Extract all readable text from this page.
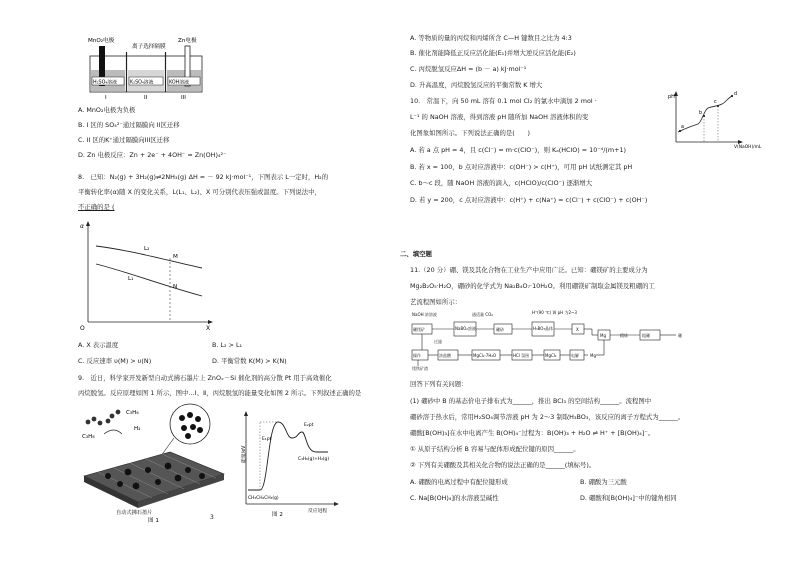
MnO₂电极
离子选择隔膜
Zn电极
H₂SO₄溶液	K₂SO₄溶液	KOH溶液
I	II	III
A. MnO₂电极为负极
B. I 区的 SO₄²⁻通过隔膜向 II区迁移
C. II 区的K⁺通过隔膜向III区迁移
D. Zn 电极反应：Zn + 2e⁻ + 4OH⁻ = Zn(OH)₄²⁻
8.　已知：N₂(g) + 3H₂(g)⇌2NH₃(g) ΔH = － 92 kJ·mol⁻¹，下图表示 L一定时，H₂的
平衡转化率(α)随 X 的变化关系，L(L₁、L₂)、X 可分别代表压强或温度。下列说法中，
不正确的是 (
α
X
O
L₂
L₁
M
N
A. X 表示温度	B. L₂ > L₁
C. 反应速率 υ(M) > υ(N)	D. 平衡常数 K(M) > K(N)
9.　近日，科学家开发新型自动式拂石墨片上 ZnOₓ－Si 催化剂的高分散 Pt 用于高效催化
丙烷脱氢。反应原理如图 1 所示，图中…Ⅰ、Ⅱ，丙烷脱氢的能量变化如图 2 所示。下列叙述正确的是
C₃H₈
C₃H₆
H₂
自动式拂石墨片
图 1
能量/eV
E₁pt
E₂pt
CH₃CH₂CH₃(g)
C₃H₆(g)+H₂(g)
反应进程
图 2
3
A. 等物质的量的丙烷和丙烯所含 C—H 键数目之比为 4:3
B. 催化剂能降低正反应活化能(E₁)并增大逆反应活化能(E₂)
C. 丙烷脱氢反应ΔH = (b － a) kJ·mol⁻¹
D. 升高温度，丙烷脱氢反应的平衡常数 K 增大
10.　常温下，向 50 mL 溶有 0.1 mol Cl₂ 的氯水中滴加 2 mol ·
L⁻¹ 的 NaOH 溶液，得到溶液 pH 随所加 NaOH 溶液体积的变
化图象如图所示。下列说法正确的是(　　)
pH
V(NaOH)/mL
a
b
c
d
A. 若 a 点 pH = 4，且 c(Cl⁻) = m·c(ClO⁻)，则 Kₐ(HClO) = 10⁻⁴/(m+1)
B. 若 x = 100，b 点对应溶液中：c(OH⁻) > c(H⁺)，可用 pH 试纸测定其 pH
C. b～c 段，随 NaOH 溶液的滴入，c(HClO)/c(ClO⁻) 逐渐增大
D. 若 y = 200，c 点对应溶液中：c(H⁺) + c(Na⁺) = c(Cl⁻) + c(ClO⁻) + c(OH⁻)
二、填空题
11.（20 分）硼、镁及其化合物在工业生产中应用广泛。已知：硼镁矿的主要成分为
Mg₂B₂O₅·H₂O，硼砂的化学式为 Na₂B₄O₇·10H₂O。利用硼镁矿制取金属镁及粗硼的工
艺流程图如所示：
NaOH 浓溶液	通适量 CO₂	H⁺(90 ℃) 调 pH 为2~3
硼镁矿	NaBO₂溶液	硼砂	H₃BO₃晶体	X
Mg	粗硼
过滤
操作	浓盐酸	MgCl₂·7H₂O	HCl 氛围	MgCl₂	电解	Mg
镁铁矿渣
精炼	硼
回答下列有关问题：
(1) 硼砂中 B 的基态价电子排布式为______，推出 BCl₃ 的空间结构______。流程图中
硼砂溶于热水后，常用H₂SO₄调节溶液 pH 为 2～3 制取H₃BO₃，该反应的离子方程式为______。
硼酸[B(OH)₃]在水中电离产生 B(OH)₄⁻过程为：B(OH)₃ + H₂O ⇌ H⁺ + [B(OH)₄]⁻。
① 从原子结构分析 B 容易与配体形成配位键的原因______。
② 下列有关硼酸及其相关化合物的说法正确的是______(填标号)。
A. 硼酸的电离过程中有配位键形成	B. 硼酸为三元酸
C. Na[B(OH)₄]的水溶液呈碱性	D. 硼酸和[B(OH)₄]⁻中的键角相同
